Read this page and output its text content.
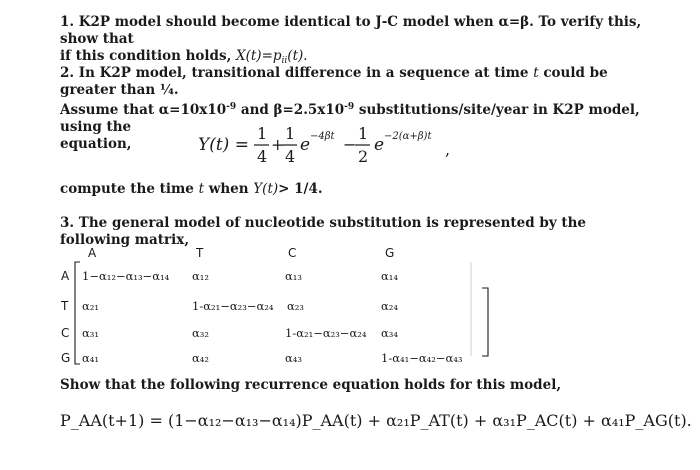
1. K2P model should become identical to J-C model when α=β. To verify this, show that
if this condition holds, $X(t)=p_{ii}(t)$.
2. In K2P model, transitional difference in a sequence at time t could be greater than ¼.
Assume that $\alpha=10x10^{-9}$ and $\beta=2.5x10^{-9}$ substitutions/site/year in K2P model, using the
equation,	Y(t) =
1
4
+
1
4
e −4βt −
1
2
e −2(α+β)t
,
compute the time t when Y(t)> 1/4.
3. The general model of nucleotide substitution is represented by the following matrix,
A	T	C	G
A
T
C
G
1−α₁₂−α₁₃−α₁₄ α₁₂	α₁₃	α₁₄
α₂₁	1-α₂₁−α₂₃−α₂₄ α₂₃	α₂₄
α₃₁	α₃₂	1-α₂₁−α₂₃−α₂₄ α₃₄
α₄₁	α₄₂	α₄₃	1-α₄₁−α₄₂−α₄₃
Show that the following recurrence equation holds for this model,
P_AA(t+1) = (1−α₁₂−α₁₃−α₁₄)P_AA(t) + α₂₁P_AT(t) + α₃₁P_AC(t) + α₄₁P_AG(t).
